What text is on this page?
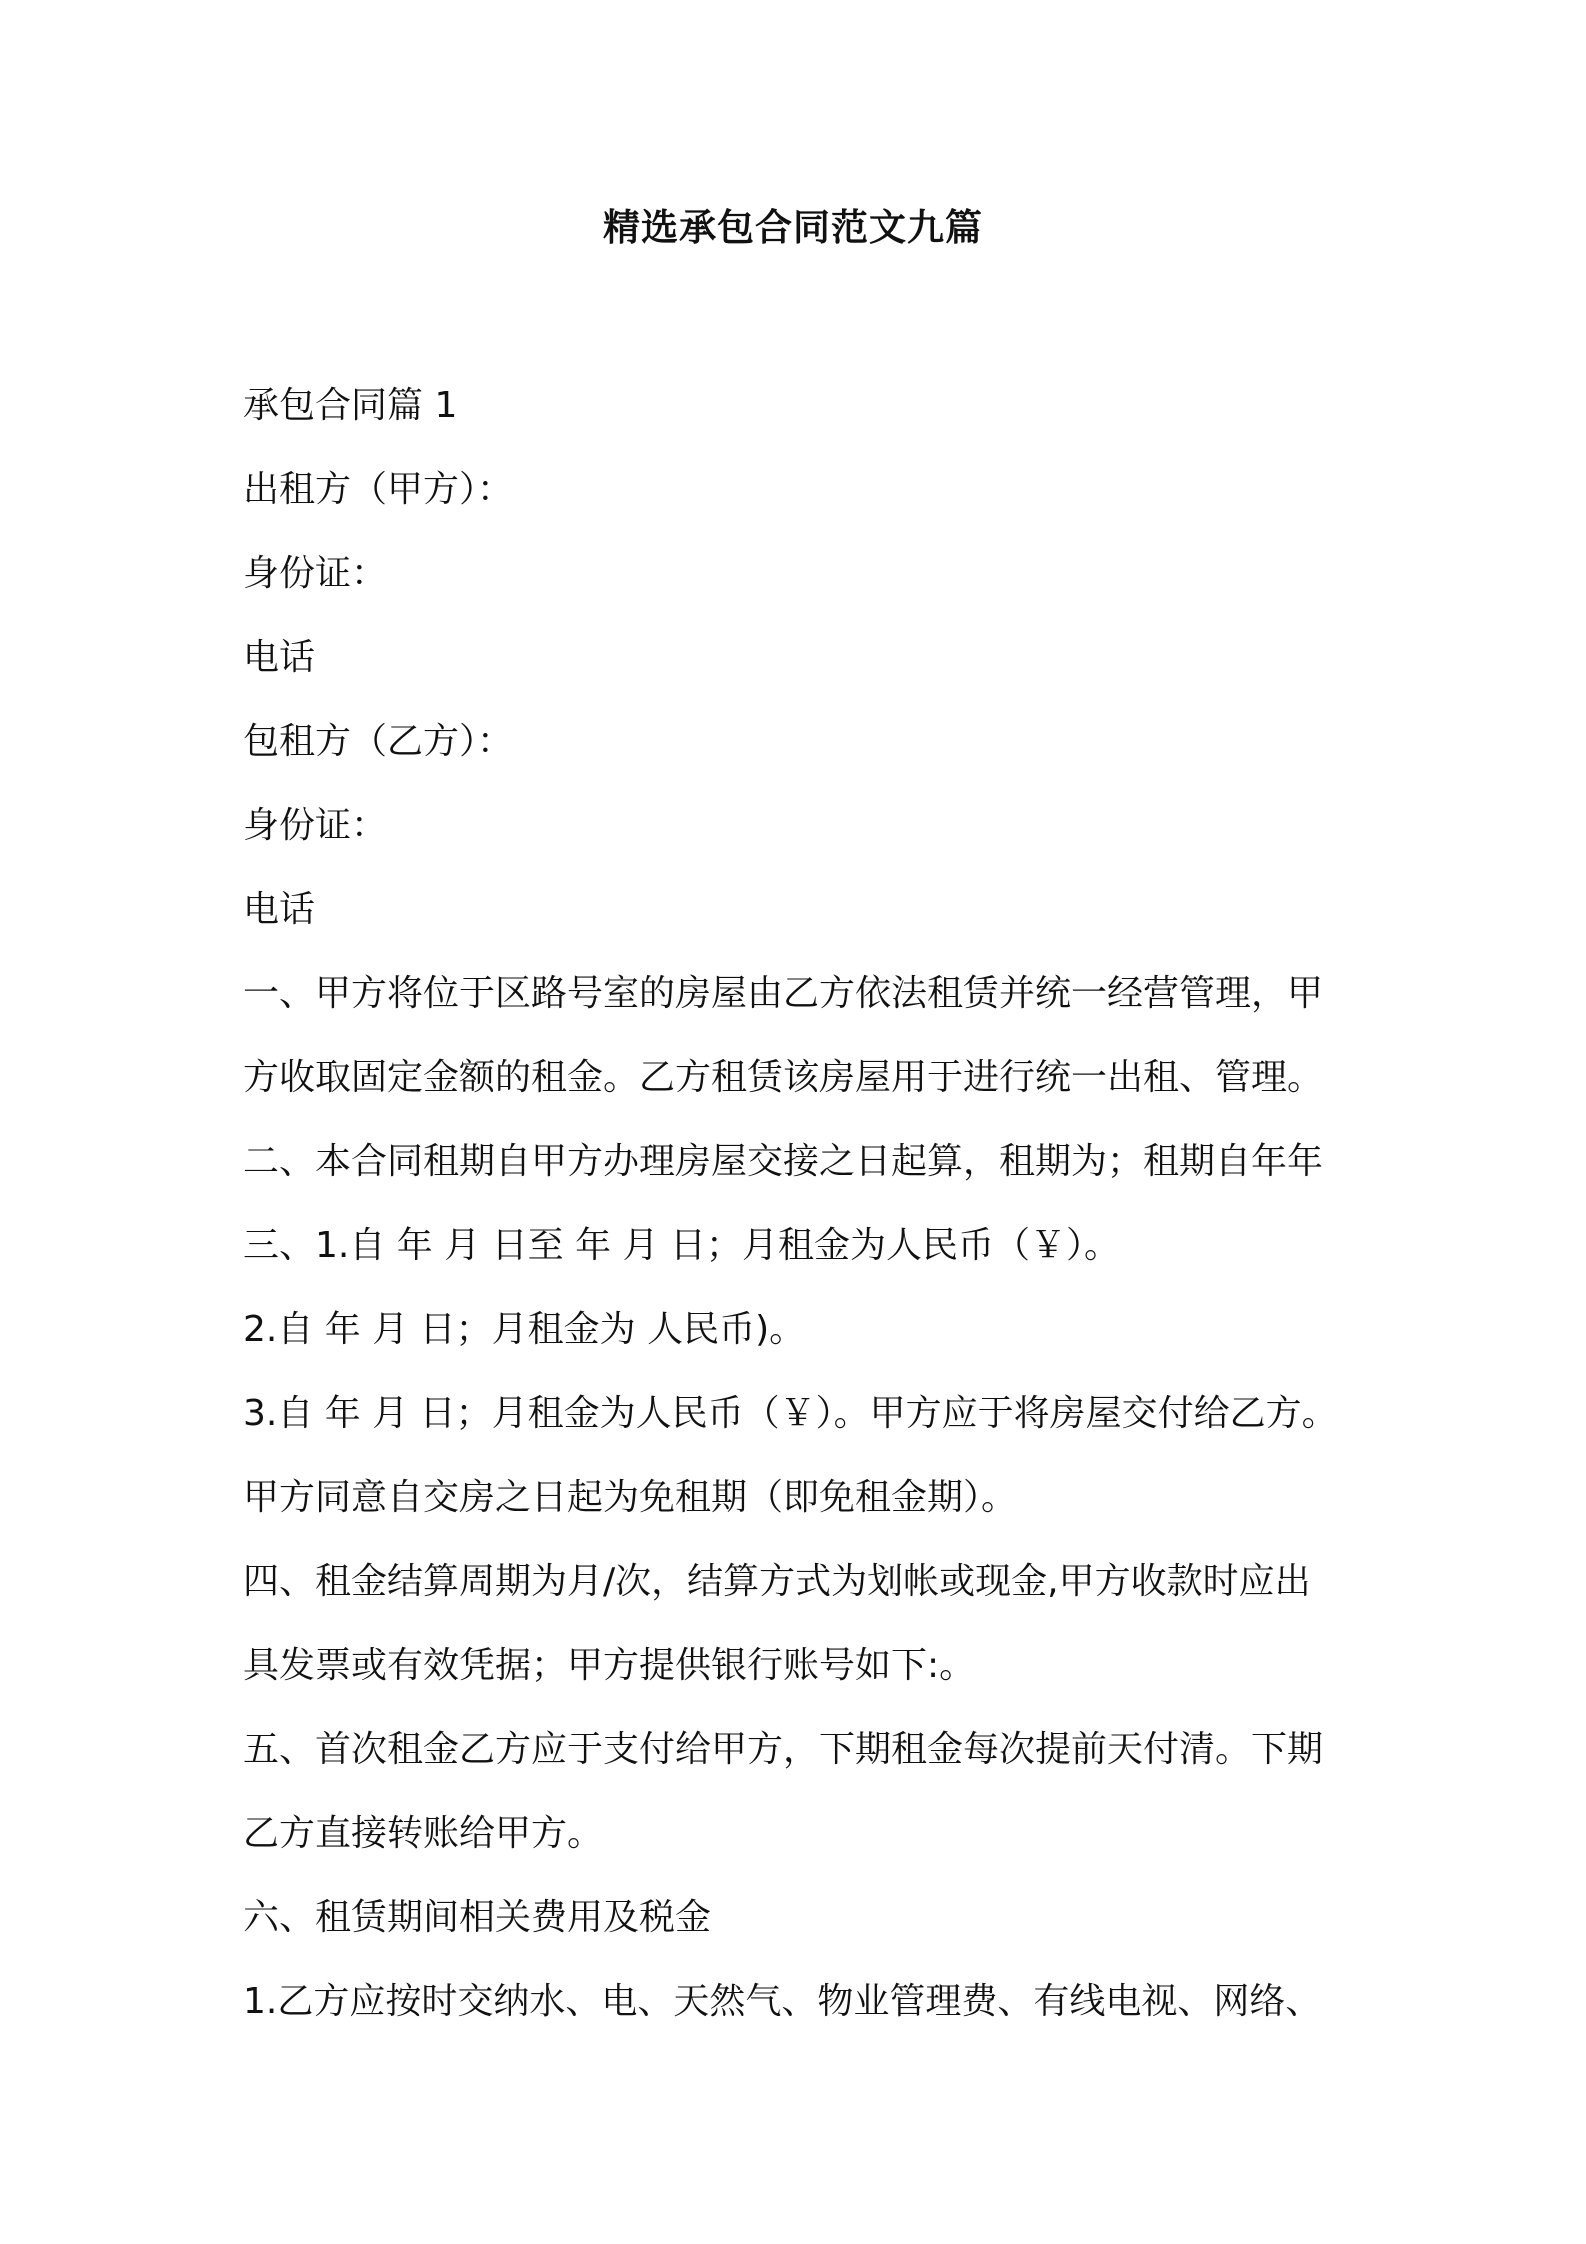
精选承包合同范文九篇
承包合同篇 1
出租方（甲方）：
身份证：
电话
包租方（乙方）：
身份证：
电话
一、甲方将位于区路号室的房屋由乙方依法租赁并统一经营管理，甲
方收取固定金额的租金。乙方租赁该房屋用于进行统一出租、管理。
二、本合同租期自甲方办理房屋交接之日起算，租期为；租期自年年
三、1.自 年 月 日至 年 月 日；月租金为人民币（￥）。
2.自 年 月 日；月租金为 人民币)。
3.自 年 月 日；月租金为人民币（￥）。甲方应于将房屋交付给乙方。
甲方同意自交房之日起为免租期（即免租金期）。
四、租金结算周期为月/次，结算方式为划帐或现金,甲方收款时应出
具发票或有效凭据；甲方提供银行账号如下:。
五、首次租金乙方应于支付给甲方，下期租金每次提前天付清。下期
乙方直接转账给甲方。
六、租赁期间相关费用及税金
1.乙方应按时交纳水、电、天然气、物业管理费、有线电视、网络、
